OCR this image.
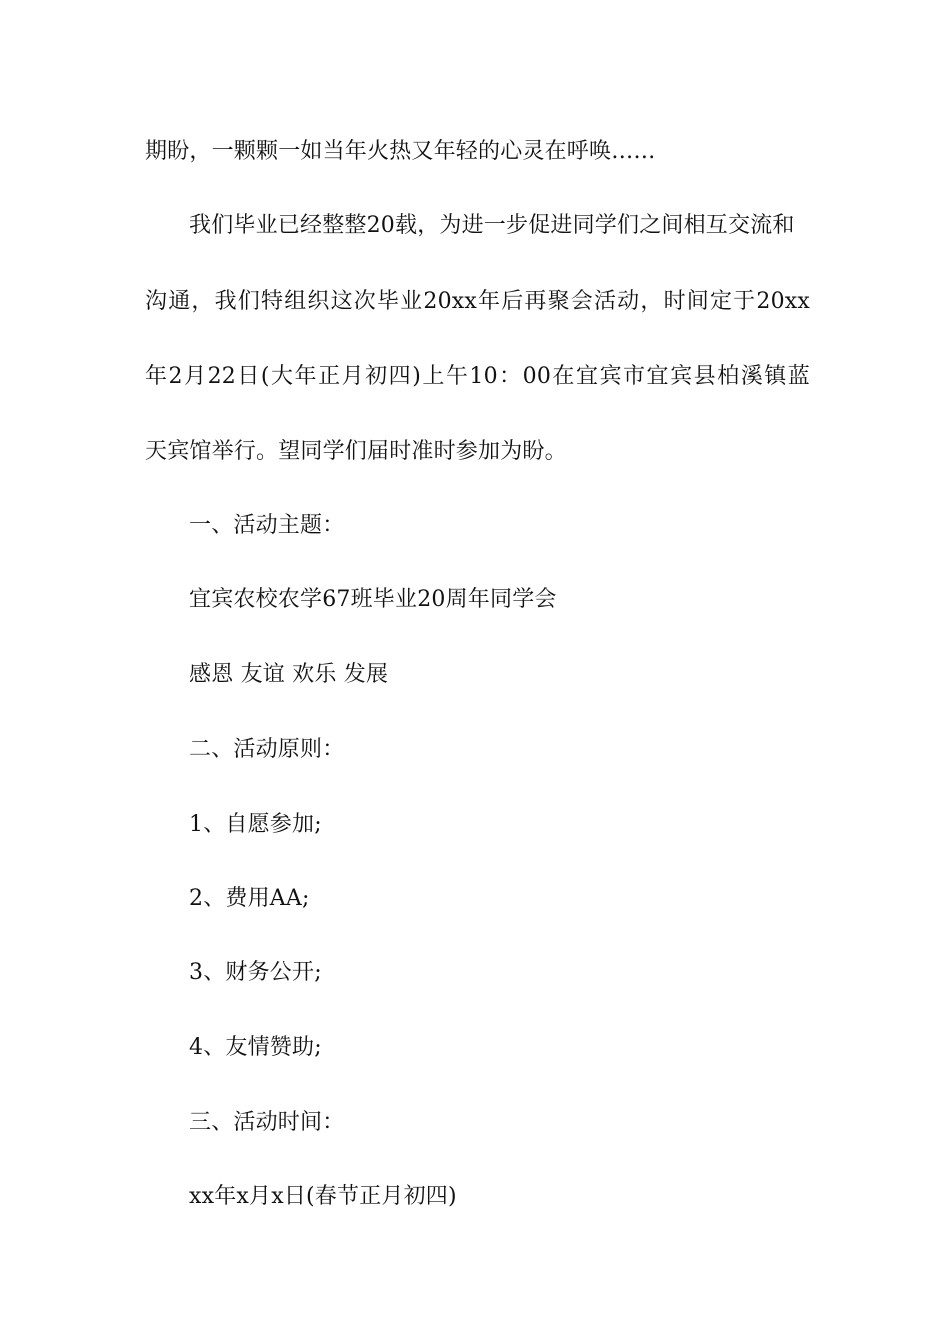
期盼，一颗颗一如当年火热又年轻的心灵在呼唤……
我们毕业已经整整20载，为进一步促进同学们之间相互交流和
沟通，我们特组织这次毕业20xx年后再聚会活动，时间定于20xx
年2月22日(大年正月初四)上午10：00在宜宾市宜宾县柏溪镇蓝
天宾馆举行。望同学们届时准时参加为盼。
一、活动主题：
宜宾农校农学67班毕业20周年同学会
感恩 友谊 欢乐 发展
二、活动原则：
1、自愿参加;
2、费用AA;
3、财务公开;
4、友情赞助;
三、活动时间：
xx年x月x日(春节正月初四)
